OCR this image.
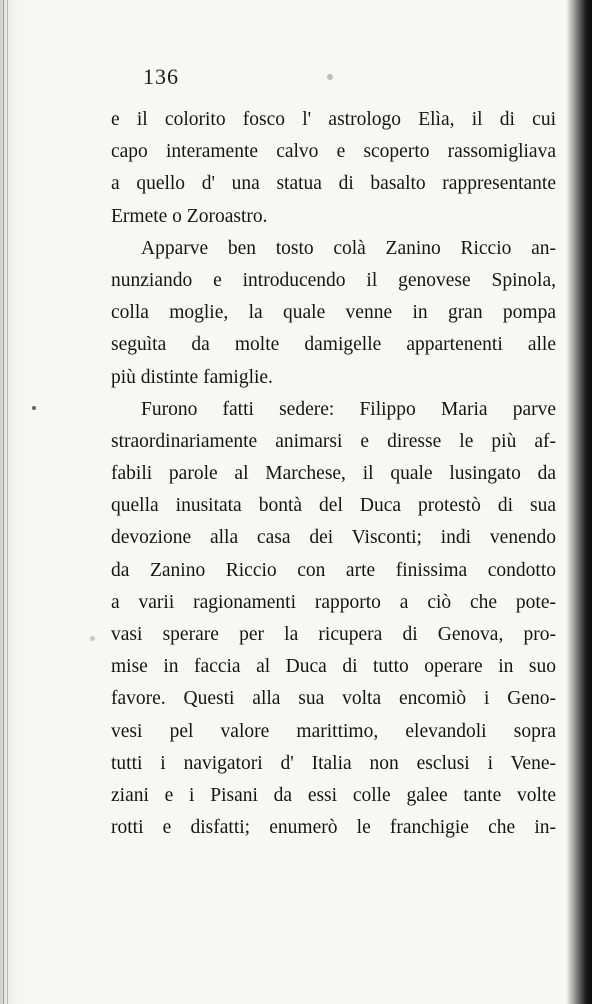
136
e il colorito fosco l' astrologo Elìa, il di cui
capo interamente calvo e scoperto rassomigliava
a quello d' una statua di basalto rappresentante
Ermete o Zoroastro.
Apparve ben tosto colà Zanino Riccio an-
nunziando e introducendo il genovese Spinola,
colla moglie, la quale venne in gran pompa
seguìta da molte damigelle appartenenti alle
più distinte famiglie.
Furono fatti sedere: Filippo Maria parve
straordinariamente animarsi e diresse le più af-
fabili parole al Marchese, il quale lusingato da
quella inusitata bontà del Duca protestò di sua
devozione alla casa dei Visconti; indi venendo
da Zanino Riccio con arte finissima condotto
a varii ragionamenti rapporto a ciò che pote-
vasi sperare per la ricupera di Genova, pro-
mise in faccia al Duca di tutto operare in suo
favore. Questi alla sua volta encomiò i Geno-
vesi pel valore marittimo, elevandoli sopra
tutti i navigatori d' Italia non esclusi i Vene-
ziani e i Pisani da essi colle galee tante volte
rotti e disfatti; enumerò le franchigie che in-
